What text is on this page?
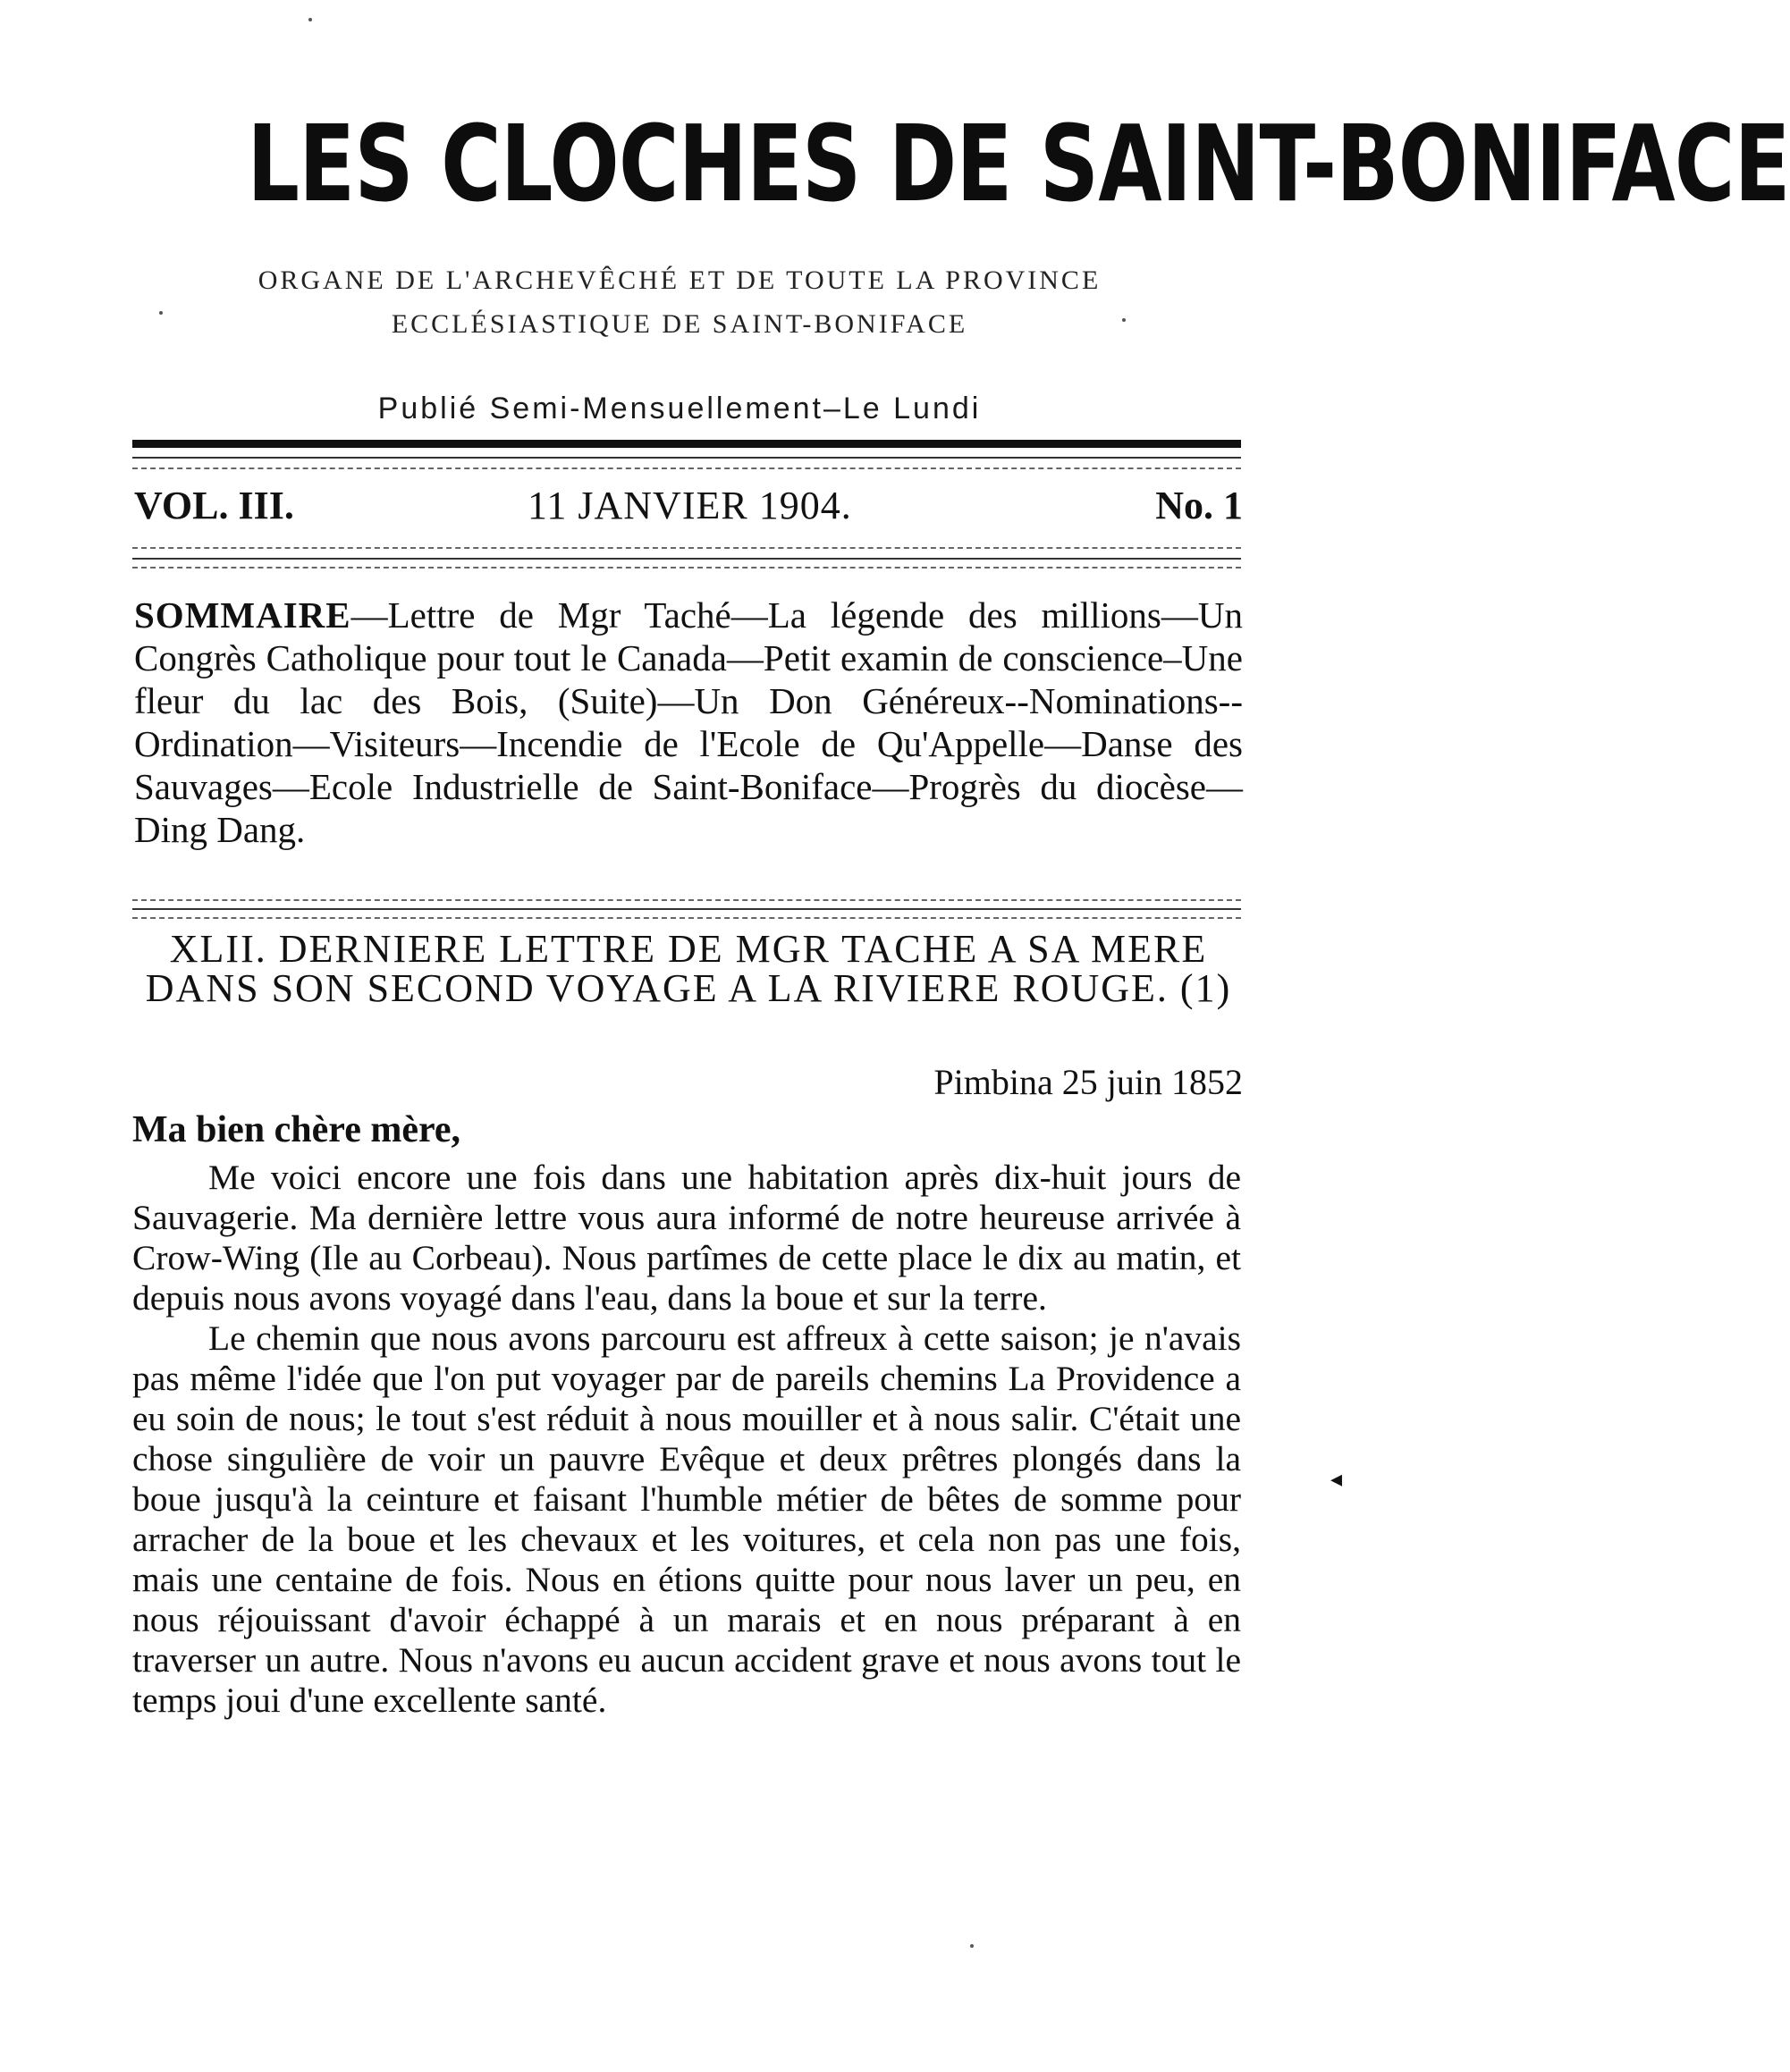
LES CLOCHES DE SAINT-BONIFACE
ORGANE DE L'ARCHEVÊCHÉ ET DE TOUTE LA PROVINCE
ECCLÉSIASTIQUE DE SAINT-BONIFACE
Publié Semi-Mensuellement–Le Lundi
VOL. III.	11 JANVIER 1904.	No. 1
SOMMAIRE—Lettre de Mgr Taché—La légende des millions—Un Congrès Catholique pour tout le Canada—Petit examin de conscience–Une fleur du lac des Bois, (Suite)—Un Don Généreux--Nominations--Ordination—Visiteurs—Incendie de l'Ecole de Qu'Appelle—Danse des Sauvages—Ecole Industrielle de Saint-Boniface—Progrès du diocèse—Ding Dang.
XLII. DERNIERE LETTRE DE MGR TACHE A SA MERE DANS SON SECOND VOYAGE A LA RIVIERE ROUGE. (1)
Pimbina 25 juin 1852
Ma bien chère mère,

Me voici encore une fois dans une habitation après dix-huit jours de Sauvagerie. Ma dernière lettre vous aura informé de notre heureuse arrivée à Crow-Wing (Ile au Corbeau). Nous partîmes de cette place le dix au matin, et depuis nous avons voyagé dans l'eau, dans la boue et sur la terre.

Le chemin que nous avons parcouru est affreux à cette saison; je n'avais pas même l'idée que l'on put voyager par de pareils chemins La Providence a eu soin de nous; le tout s'est réduit à nous mouiller et à nous salir. C'était une chose singulière de voir un pauvre Evêque et deux prêtres plongés dans la boue jusqu'à la ceinture et faisant l'humble métier de bêtes de somme pour arracher de la boue et les chevaux et les voitures, et cela non pas une fois, mais une centaine de fois. Nous en étions quitte pour nous laver un peu, en nous réjouissant d'avoir échappé à un marais et en nous préparant à en traverser un autre. Nous n'avons eu aucun accident grave et nous avons tout le temps joui d'une excellente santé.

◂
